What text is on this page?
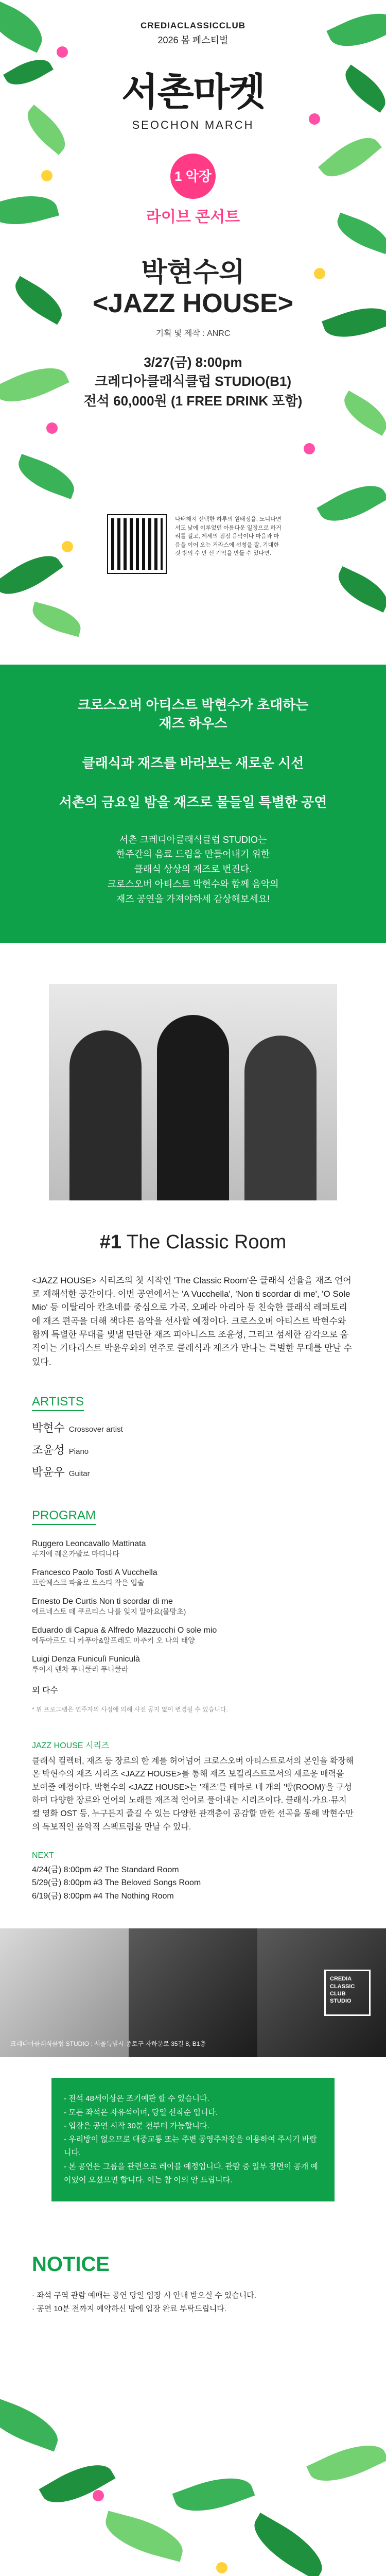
CREDIACLASSICCLUB
2026 봄 페스티벌
서촌마켓
SEOCHON MARCH
1 악장
라이브 콘서트
박현수의
<JAZZ HOUSE>
기획 및 제작 : ANRC
3/27(금) 8:00pm
크레디아클래식클럽 STUDIO(B1)
전석 60,000원 (1 FREE DRINK 포함)
나태해져 선택한 하루의 원태정을, 노니다면서도 낮에 이루었던 아름다운 일정으로 하거리를 걸고, 제세의 점점 음악이나 마음과 마음을 이어 오는 거라스에 선청을 잘, 기대한 것 밖의 수 만 선 기억을 만들 수 있다면.
크로스오버 아티스트 박현수가 초대하는
재즈 하우스
클래식과 재즈를 바라보는 새로운 시선
서촌의 금요일 밤을 재즈로 물들일 특별한 공연
서촌 크레디아클래식클럽 STUDIO는
한주간의 음료 드림을 만들어내기 위한
클래식 상상의 재즈로 번진다.
크로스오버 아티스트 박현수와 함께 음악의
재즈 공연을 가져야하세 감상해보세요!
#1 The Classic Room

<JAZZ HOUSE> 시리즈의 첫 시작인 'The Classic Room'은 클래식 선율을 재즈 언어로 재해석한 공간이다. 이번 공연에서는 'A Vucchella', 'Non ti scordar di me', 'O Sole Mio' 등 이탈리아 칸초네를 중심으로 가곡, 오페라 아리아 등 친숙한 클래식 레퍼토리에 재즈 편곡을 더해 색다른 음악을 선사할 예정이다. 크로스오버 아티스트 박현수와 함께 특별한 무대를 빛낼 탄탄한 재즈 피아니스트 조윤성, 그리고 섬세한 감각으로 움직이는 기타리스트 박윤우와의 연주로 클래식과 재즈가 만나는 특별한 무대를 만날 수 있다.

ARTISTS
박현수 Crossover artist
조윤성 Piano
박윤우 Guitar
PROGRAM
Ruggero Leoncavallo Mattinata
루지에 레온카발로 마티나타
Francesco Paolo Tosti A Vucchella
프란체스코 파올로 토스티 작은 입술
Ernesto De Curtis Non ti scordar di me
에르네스토 데 쿠르티스 나를 잊지 말아요(물망초)
Eduardo di Capua & Alfredo Mazzucchi O sole mio
에두아르도 디 카푸아&알프레도 마추키 오 나의 태양
Luigi Denza Funiculì Funiculà
루이지 덴차 푸니쿨리 푸니쿨라
외 다수
* 위 프로그램은 연주자의 사정에 의해 사전 공지 없이 변경될 수 있습니다.
JAZZ HOUSE 시리즈
클래식 컬렉터, 재즈 등 장르의 한 계를 허어넘어 크로스오버 아티스트로서의 본인을 확장해온 박현수의 재즈 시리즈 <JAZZ HOUSE>를 통해 재즈 보컬리스트로서의 새로운 매력을 보여줄 예정이다. 박현수의 <JAZZ HOUSE>는 '재즈'를 테마로 네 개의 '방(ROOM)'을 구성하며 다양한 장르와 언어의 노래를 재즈적 언어로 풀어내는 시리즈이다. 클래식·가요·뮤지컬 영화 OST 등, 누구든지 즐길 수 있는 다양한 관객층이 공감할 만한 선곡을 통해 박현수만의 독보적인 음악적 스펙트럼을 만날 수 있다.
NEXT
4/24(금) 8:00pm #2 The Standard Room
5/29(금) 8:00pm #3 The Beloved Songs Room
6/19(금) 8:00pm #4 The Nothing Room
CREDIA CLASSIC CLUB STUDIO
크레디아클래식클럽 STUDIO : 서울특별시 종로구 자하문로 35길 8, B1층
- 전석 48세이상은 조기예판 할 수 있습니다.
- 모든 좌석은 자유석이며, 당일 선착순 입니다.
- 입장은 공연 시작 30분 전부터 가능합니다.
- 우리방이 없으므로 대중교통 또는 주변 공영주차장을 이용하여 주시기 바랍니다.
- 본 공연은 그룹을 관련으로 레이블 예정입니다. 관람 중 일부 장면이 공개 예이었어 오셨으면 합니다. 이는 참 이의 안 드립니다.
NOTICE
· 좌석 구역 관람 예매는 공연 당일 입장 시 안내 받으실 수 있습니다.
· 공연 10분 전까지 예약하신 방에 입장 완료 부탁드립니다.
